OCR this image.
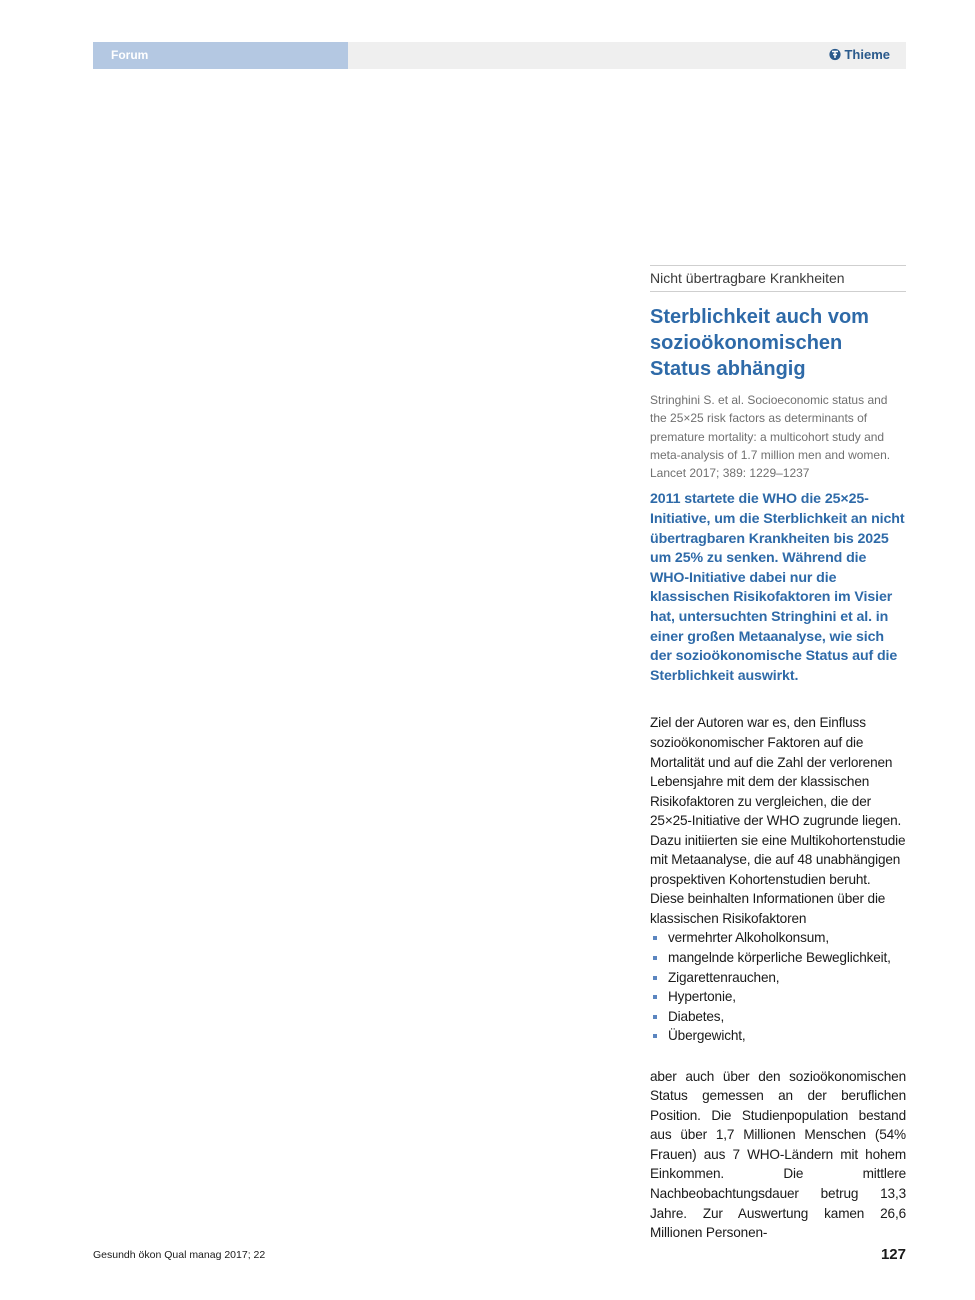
Forum	Thieme
Nicht übertragbare Krankheiten
Sterblichkeit auch vom sozioökonomischen Status abhängig
Stringhini S. et al. Socioeconomic status and the 25×25 risk factors as determinants of premature mortality: a multicohort study and meta-analysis of 1.7 million men and women. Lancet 2017; 389: 1229–1237
2011 startete die WHO die 25×25-Initiative, um die Sterblichkeit an nicht übertragbaren Krankheiten bis 2025 um 25% zu senken. Während die WHO-Initiative dabei nur die klassischen Risikofaktoren im Visier hat, untersuchten Stringhini et al. in einer großen Metaanalyse, wie sich der sozioökonomische Status auf die Sterblichkeit auswirkt.
Ziel der Autoren war es, den Einfluss sozioökonomischer Faktoren auf die Mortalität und auf die Zahl der verlorenen Lebensjahre mit dem der klassischen Risikofaktoren zu vergleichen, die der 25×25-Initiative der WHO zugrunde liegen. Dazu initiierten sie eine Multikohortenstudie mit Metaanalyse, die auf 48 unabhängigen prospektiven Kohortenstudien beruht. Diese beinhalten Informationen über die klassischen Risikofaktoren
vermehrter Alkoholkonsum,
mangelnde körperliche Beweglichkeit,
Zigarettenrauchen,
Hypertonie,
Diabetes,
Übergewicht,
aber auch über den sozioökonomischen Status gemessen an der beruflichen Position. Die Studienpopulation bestand aus über 1,7 Millionen Menschen (54% Frauen) aus 7 WHO-Ländern mit hohem Einkommen. Die mittlere Nachbeobachtungsdauer betrug 13,3 Jahre. Zur Auswertung kamen 26,6 Millionen Personen-
Gesundh ökon Qual manag 2017; 22	127
